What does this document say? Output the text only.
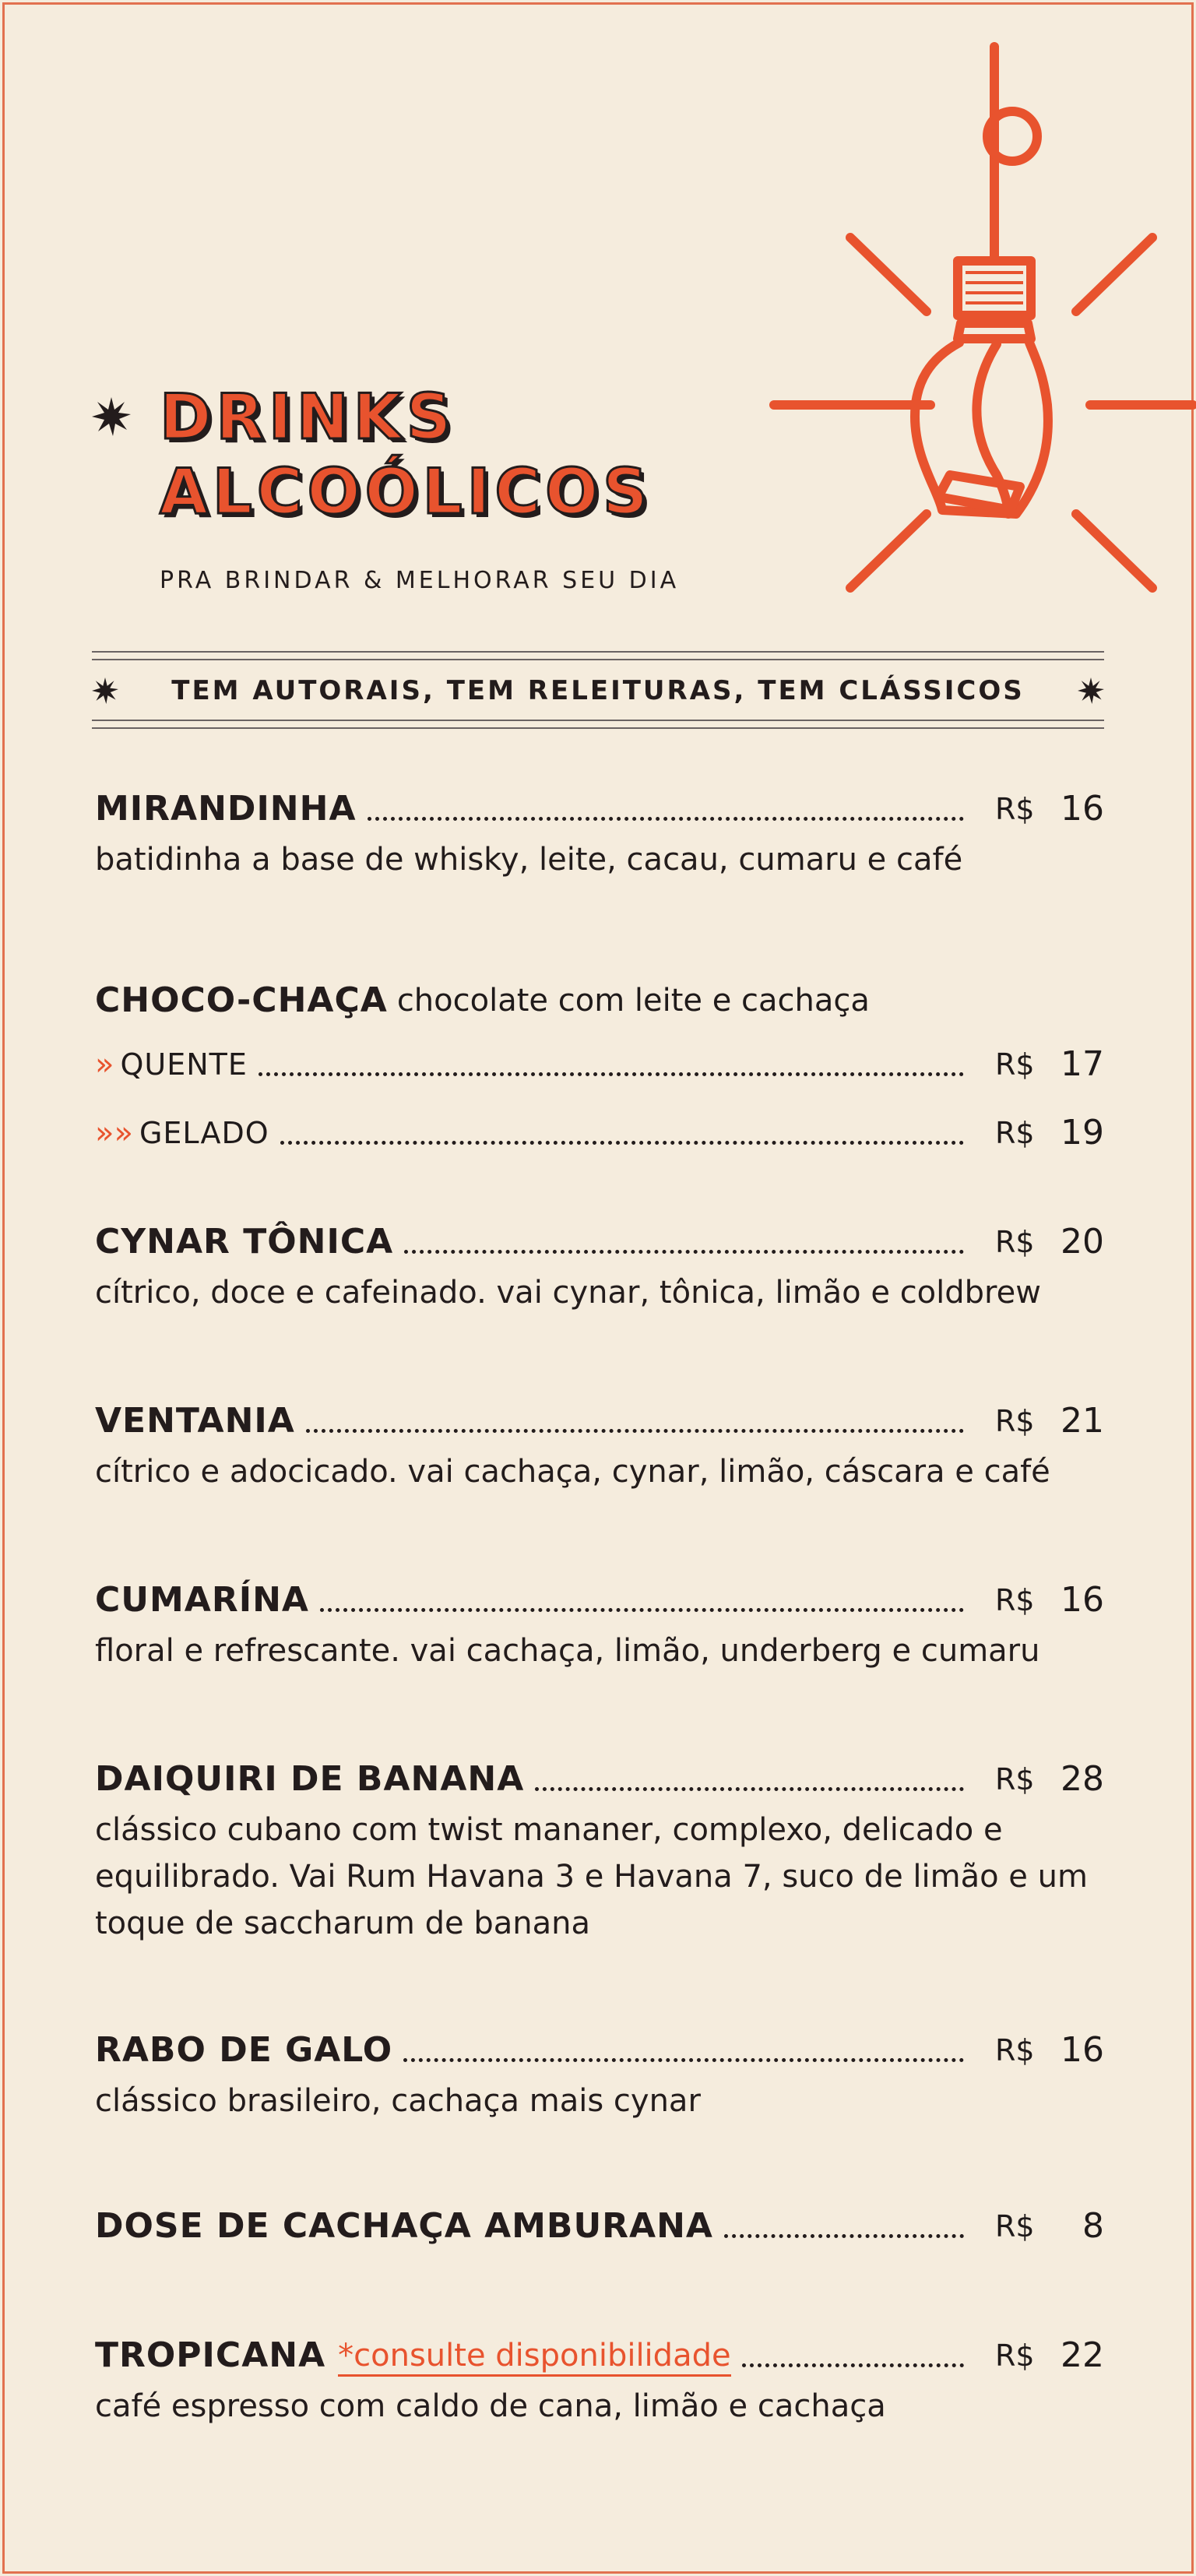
DRINKS
ALCOÓLICOS
PRA BRINDAR & MELHORAR SEU DIA
TEM AUTORAIS, TEM RELEITURAS, TEM CLÁSSICOS
MIRANDINHA	R$ 16
batidinha a base de whisky, leite, cacau, cumaru e café
CHOCO-CHAÇA chocolate com leite e cachaça
» QUENTE	R$ 17
»» GELADO	R$ 19
CYNAR TÔNICA	R$ 20
cítrico, doce e cafeinado. vai cynar, tônica, limão e coldbrew
VENTANIA	R$ 21
cítrico e adocicado. vai cachaça, cynar, limão, cáscara e café
CUMARÍNA	R$ 16
floral e refrescante. vai cachaça, limão, underberg e cumaru
DAIQUIRI DE BANANA	R$ 28
clássico cubano com twist mananer, complexo, delicado e
equilibrado. Vai Rum Havana 3 e Havana 7, suco de limão e um
toque de saccharum de banana
RABO DE GALO	R$ 16
clássico brasileiro, cachaça mais cynar
DOSE DE CACHAÇA AMBURANA	R$ 8
TROPICANA *consulte disponibilidade	R$ 22
café espresso com caldo de cana, limão e cachaça
